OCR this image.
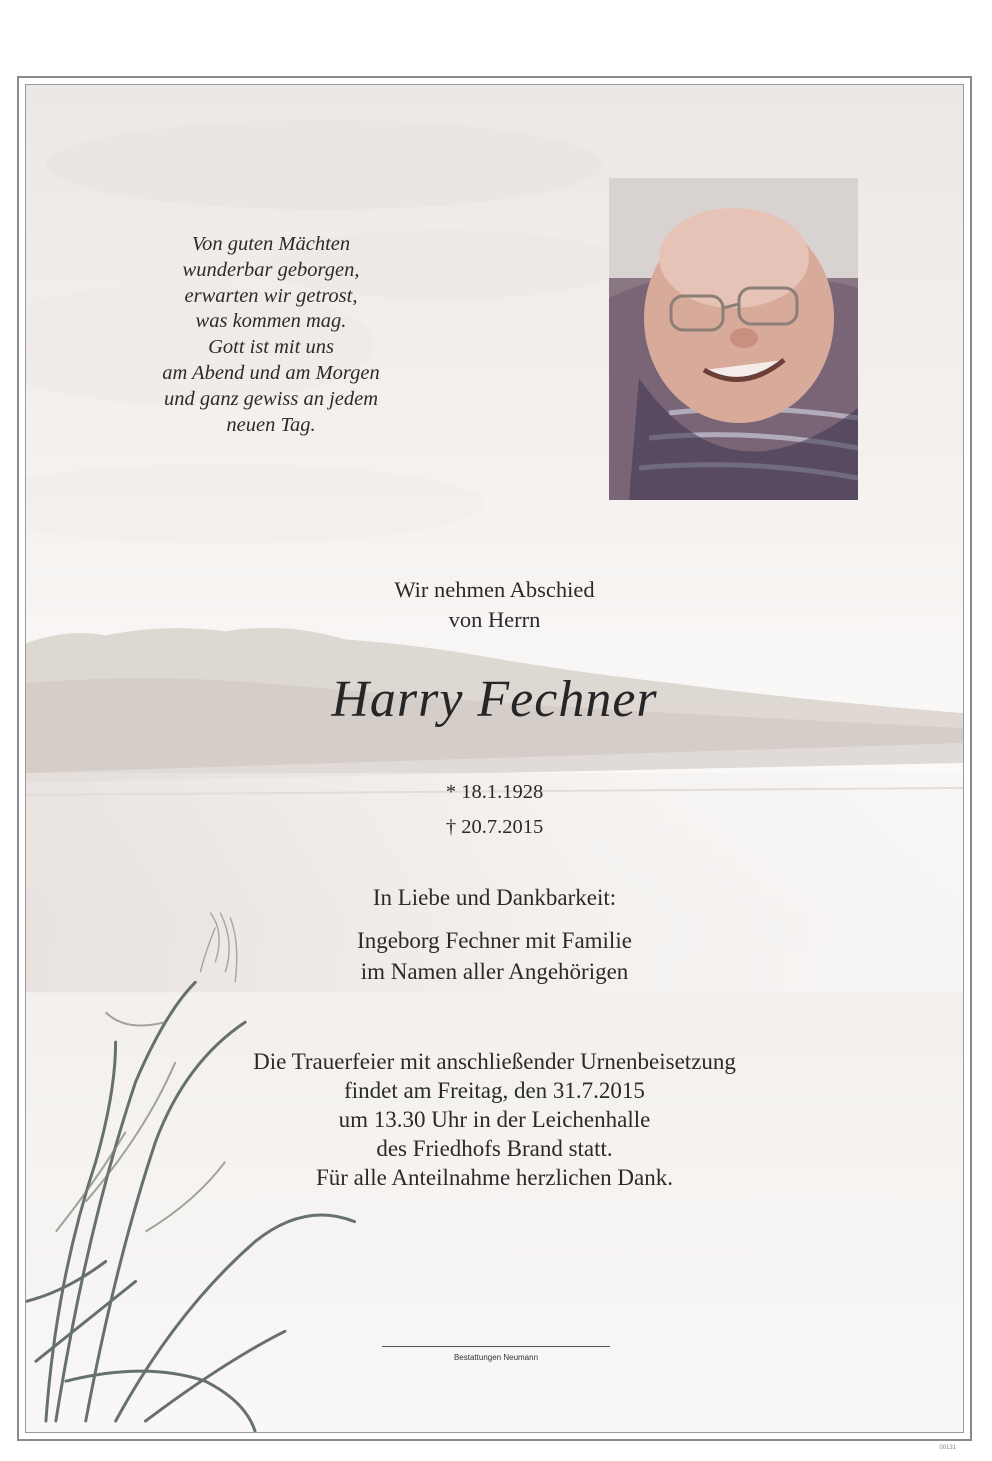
Von guten Mächten
wunderbar geborgen,
erwarten wir getrost,
was kommen mag.
Gott ist mit uns
am Abend und am Morgen
und ganz gewiss an jedem
neuen Tag.
Wir nehmen Abschied
von Herrn
Harry Fechner
* 18.1.1928
† 20.7.2015
In Liebe und Dankbarkeit:
Ingeborg Fechner mit Familie
im Namen aller Angehörigen
Die Trauerfeier mit anschließender Urnenbeisetzung
findet am Freitag, den 31.7.2015
um 13.30 Uhr in der Leichenhalle
des Friedhofs Brand statt.
Für alle Anteilnahme herzlichen Dank.
Bestattungen Neumann
00131
